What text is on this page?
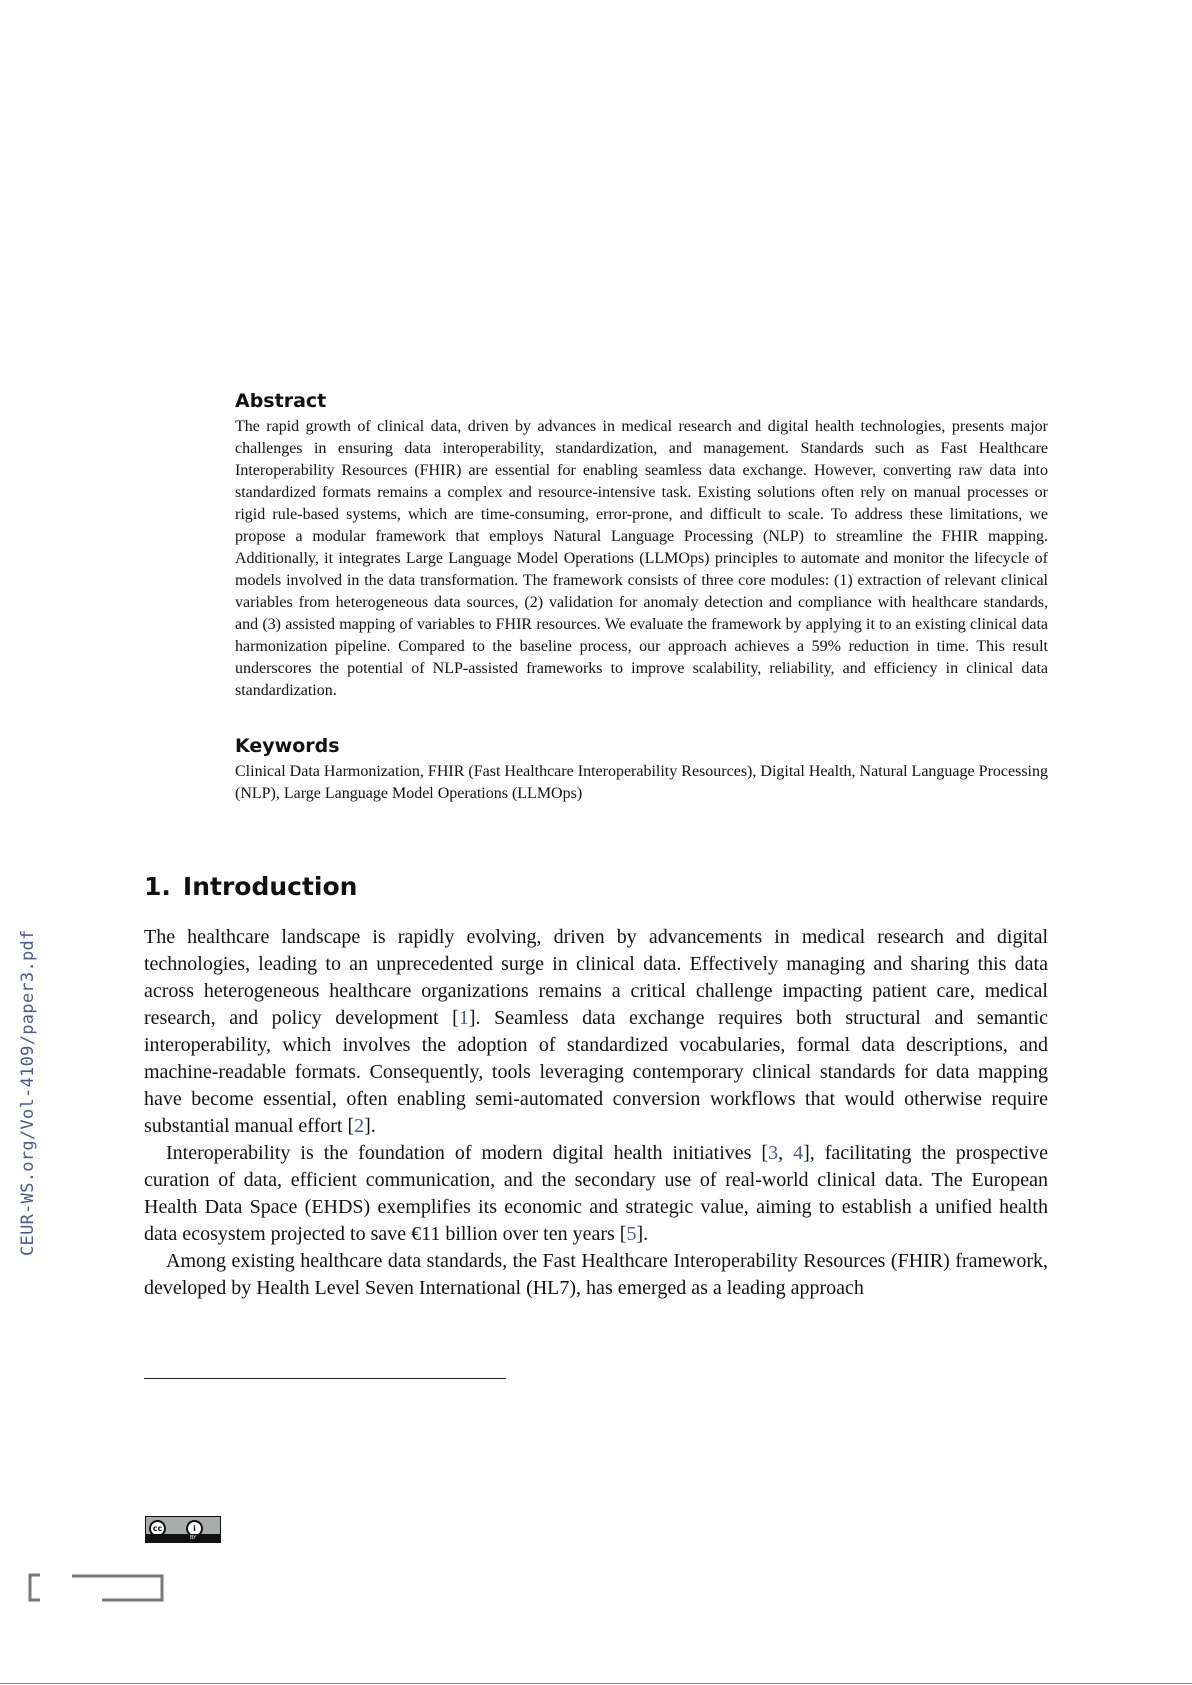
CEUR-WS.org/Vol-4109/paper3.pdf
Abstract

The rapid growth of clinical data, driven by advances in medical research and digital health technologies, presents major challenges in ensuring data interoperability, standardization, and management. Standards such as Fast Healthcare Interoperability Resources (FHIR) are essential for enabling seamless data exchange. However, converting raw data into standardized formats remains a complex and resource-intensive task. Existing solutions often rely on manual processes or rigid rule-based systems, which are time-consuming, error-prone, and difficult to scale. To address these limitations, we propose a modular framework that employs Natural Language Processing (NLP) to streamline the FHIR mapping. Additionally, it integrates Large Language Model Operations (LLMOps) principles to automate and monitor the lifecycle of models involved in the data transformation. The framework consists of three core modules: (1) extraction of relevant clinical variables from heterogeneous data sources, (2) validation for anomaly detection and compliance with healthcare standards, and (3) assisted mapping of variables to FHIR resources. We evaluate the framework by applying it to an existing clinical data harmonization pipeline. Compared to the baseline process, our approach achieves a 59% reduction in time. This result underscores the potential of NLP-assisted frameworks to improve scalability, reliability, and efficiency in clinical data standardization.

Keywords

Clinical Data Harmonization, FHIR (Fast Healthcare Interoperability Resources), Digital Health, Natural Language Processing (NLP), Large Language Model Operations (LLMOps)

1. Introduction

The healthcare landscape is rapidly evolving, driven by advancements in medical research and digital technologies, leading to an unprecedented surge in clinical data. Effectively managing and sharing this data across heterogeneous healthcare organizations remains a critical challenge impacting patient care, medical research, and policy development [1]. Seamless data exchange requires both structural and semantic interoperability, which involves the adoption of standardized vocabularies, formal data descriptions, and machine-readable formats. Consequently, tools leveraging contemporary clinical standards for data mapping have become essential, often enabling semi-automated conversion workflows that would otherwise require substantial manual effort [2].

Interoperability is the foundation of modern digital health initiatives [3, 4], facilitating the prospective curation of data, efficient communication, and the secondary use of real-world clinical data. The European Health Data Space (EHDS) exemplifies its economic and strategic value, aiming to establish a unified health data ecosystem projected to save €11 billion over ten years [5].

Among existing healthcare data standards, the Fast Healthcare Interoperability Resources (FHIR) framework, developed by Health Level Seven International (HL7), has emerged as a leading approach

cc	i
BY
